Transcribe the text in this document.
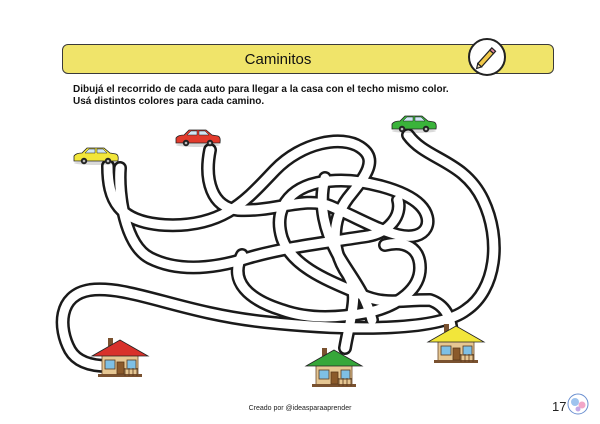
Caminitos
Dibujá el recorrido de cada auto para llegar a la casa con el techo mismo color.
Usá distintos colores para cada camino.
Creado por @ideasparaaprender	17
